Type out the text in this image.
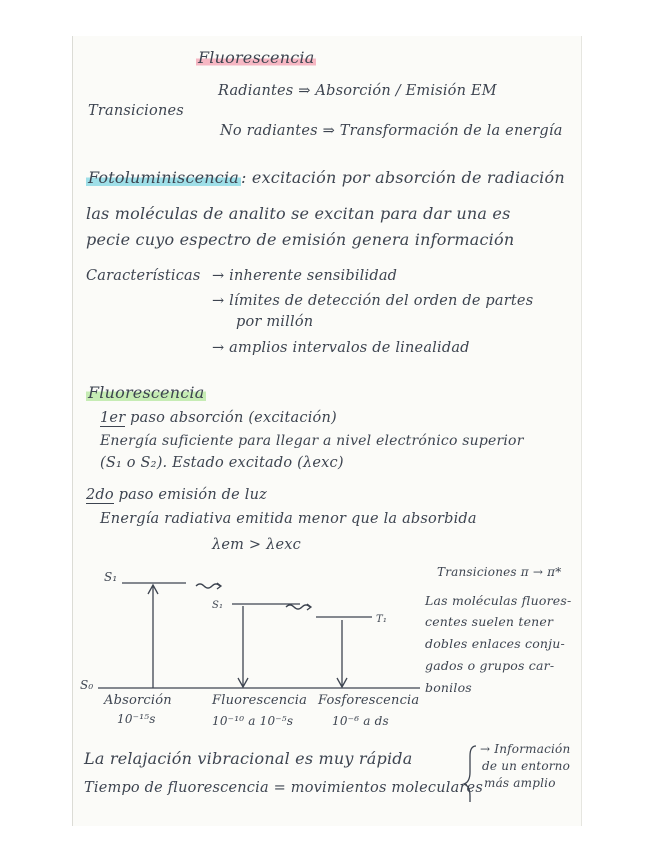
Fluorescencia
Transiciones
Radiantes ⇒ Absorción / Emisión EM
No radiantes ⇒ Transformación de la energía
Fotoluminiscencia : excitación por absorción de radiación
las moléculas de analito se excitan para dar una es
pecie cuyo espectro de emisión genera información
Características → inherente sensibilidad
→ límites de detección del orden de partes
por millón
→ amplios intervalos de linealidad
Fluorescencia
1er paso absorción (excitación)
Energía suficiente para llegar a nivel electrónico superior
(S₁ o S₂). Estado excitado (λexc)
2do paso emisión de luz
Energía radiativa emitida menor que la absorbida
λem > λexc
S₁
S₁
T₁
S₀
Absorción
10⁻¹⁵s
Fluorescencia
10⁻¹⁰ a 10⁻⁵s
Fosforescencia
10⁻⁶ a ds
Transiciones π → π*
Las moléculas fluores-
centes suelen tener
dobles enlaces conju-
gados o grupos car-
bonilos
La relajación vibracional es muy rápida
Tiempo de fluorescencia = movimientos moleculares
→ Información
de un entorno
más amplio
